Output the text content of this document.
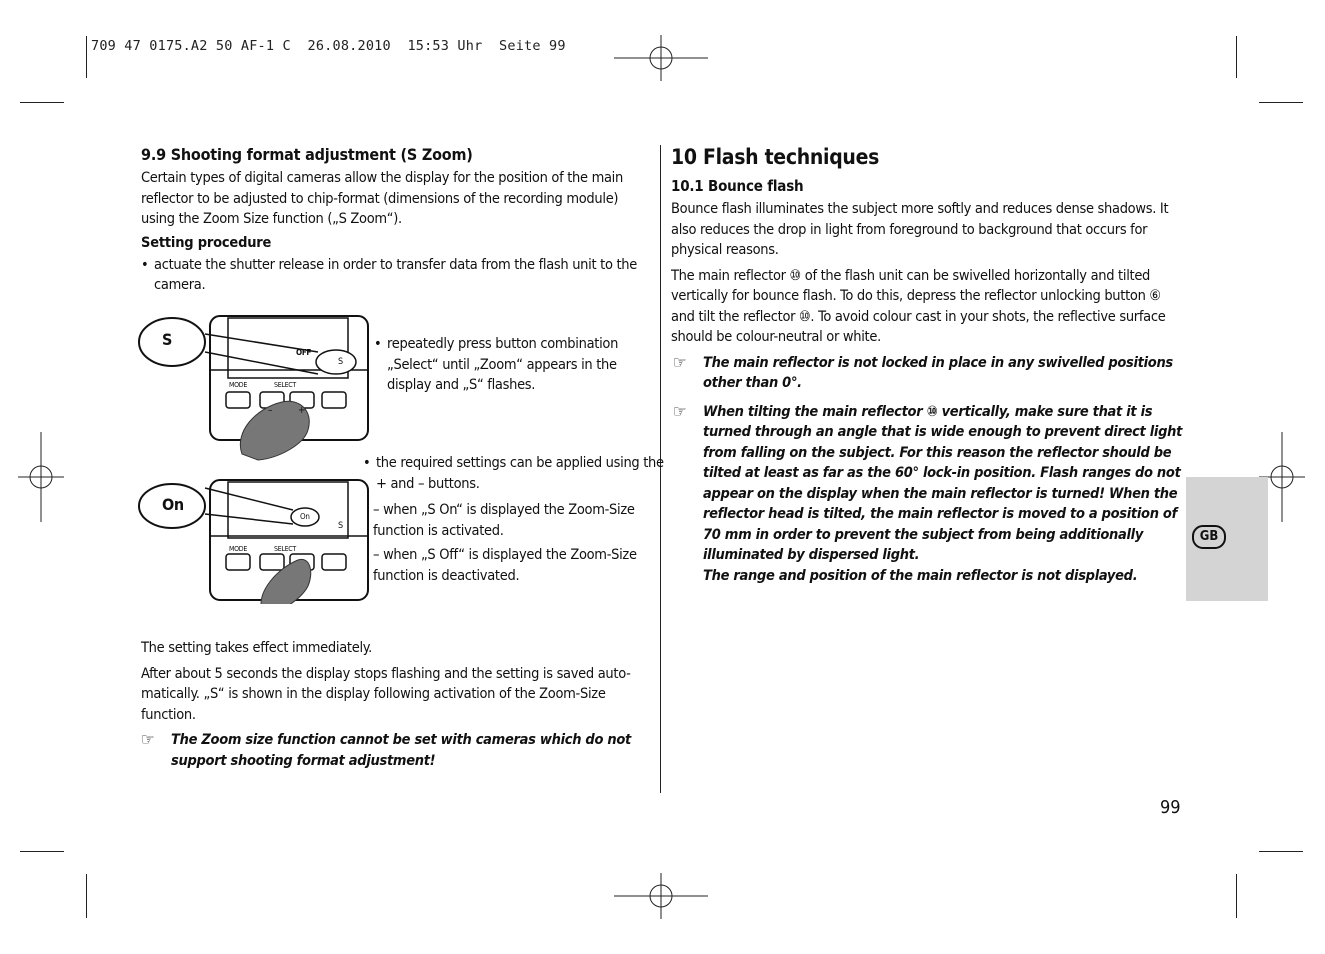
709 47 0175.A2 50 AF-1 C  26.08.2010  15:53 Uhr  Seite 99
9.9 Shooting format adjustment (S Zoom)

Certain types of digital cameras allow the display for the position of the main reflector to be adjusted to chip-format (dimensions of the recording module) using the Zoom Size function („S Zoom“).

Setting procedure

• actuate the shutter release in order to transfer data from the flash unit to the camera.

S
OFF
S
MODE	SELECT
–	+
• repeatedly press button combination „Select“ until „Zoom“ appears in the display and „S“ flashes.
On
On
S
MODE	SELECT
• the required settings can be applied using the + and – buttons.
– when „S On“ is displayed the Zoom-Size function is activated.
– when „S Off“ is displayed the Zoom-Size function is deactivated.

The setting takes effect immediately.

After about 5 seconds the display stops flashing and the setting is saved auto-matically. „S“ is shown in the display following activation of the Zoom-Size function.

☞ The Zoom size function cannot be set with cameras which do not support shooting format adjustment!
10 Flash techniques
10.1 Bounce flash

Bounce flash illuminates the subject more softly and reduces dense shadows. It also reduces the drop in light from foreground to background that occurs for physical reasons.

The main reflector ⑩ of the flash unit can be swivelled horizontally and tilted vertically for bounce flash. To do this, depress the reflector unlocking button ⑥ and tilt the reflector ⑩. To avoid colour cast in your shots, the reflective surface should be colour-neutral or white.

☞ The main reflector is not locked in place in any swivelled positions other than 0°.
☞ When tilting the main reflector ⑩ vertically, make sure that it is turned through an angle that is wide enough to prevent direct light from falling on the subject. For this reason the reflector should be tilted at least as far as the 60° lock-in position. Flash ranges do not appear on the display when the main reflector is turned! When the reflector head is tilted, the main reflector is moved to a position of 70 mm in order to prevent the subject from being additionally illuminated by dispersed light.
The range and position of the main reflector is not displayed.
GB
99
